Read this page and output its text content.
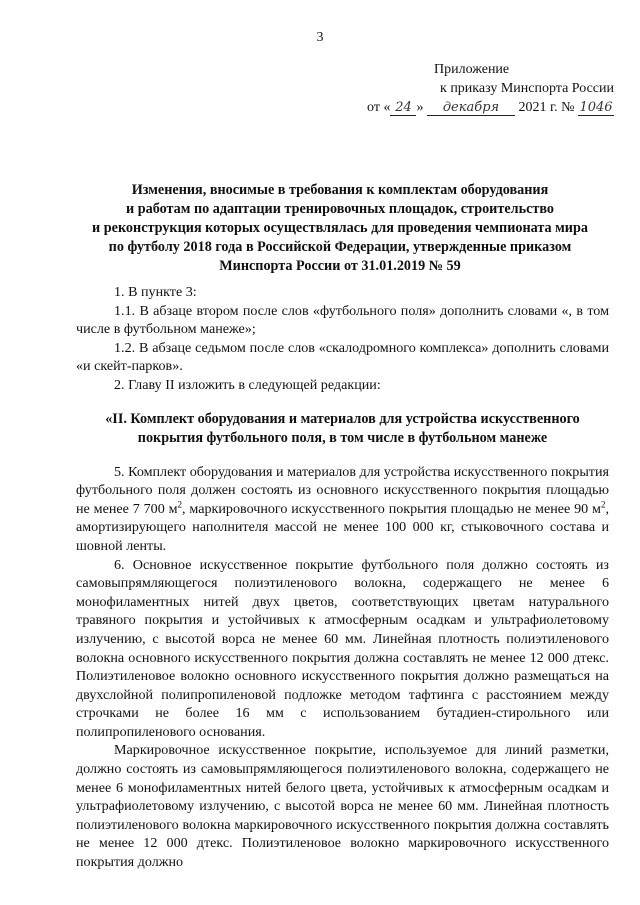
3
Приложение
к приказу Минспорта России
от « 24 » декабря 2021 г. № 1046
Изменения, вносимые в требования к комплектам оборудования
и работам по адаптации тренировочных площадок, строительство
и реконструкция которых осуществлялась для проведения чемпионата мира
по футболу 2018 года в Российской Федерации, утвержденные приказом
Минспорта России от 31.01.2019 № 59

1. В пункте 3:

1.1. В абзаце втором после слов «футбольного поля» дополнить словами «, в том числе в футбольном манеже»;

1.2. В абзаце седьмом после слов «скалодромного комплекса» дополнить словами «и скейт-парков».

2. Главу II изложить в следующей редакции:

«II. Комплект оборудования и материалов для устройства искусственного
покрытия футбольного поля, в том числе в футбольном манеже

5. Комплект оборудования и материалов для устройства искусственного покрытия футбольного поля должен состоять из основного искусственного покрытия площадью не менее 7 700 $м^2$, маркировочного искусственного покрытия площадью не менее 90 $м^2$, амортизирующего наполнителя массой не менее 100 000 кг, стыковочного состава и шовной ленты.

6. Основное искусственное покрытие футбольного поля должно состоять из самовыпрямляющегося полиэтиленового волокна, содержащего не менее 6 монофиламентных нитей двух цветов, соответствующих цветам натурального травяного покрытия и устойчивых к атмосферным осадкам и ультрафиолетовому излучению, с высотой ворса не менее 60 мм. Линейная плотность полиэтиленового волокна основного искусственного покрытия должна составлять не менее 12 000 дтекс. Полиэтиленовое волокно основного искусственного покрытия должно размещаться на двухслойной полипропиленовой подложке методом тафтинга с расстоянием между строчками не более 16 мм с использованием бутадиен-стирольного или полипропиленового основания.

Маркировочное искусственное покрытие, используемое для линий разметки, должно состоять из самовыпрямляющегося полиэтиленового волокна, содержащего не менее 6 монофиламентных нитей белого цвета, устойчивых к атмосферным осадкам и ультрафиолетовому излучению, с высотой ворса не менее 60 мм. Линейная плотность полиэтиленового волокна маркировочного искусственного покрытия должна составлять не менее 12 000 дтекс. Полиэтиленовое волокно маркировочного искусственного покрытия должно
